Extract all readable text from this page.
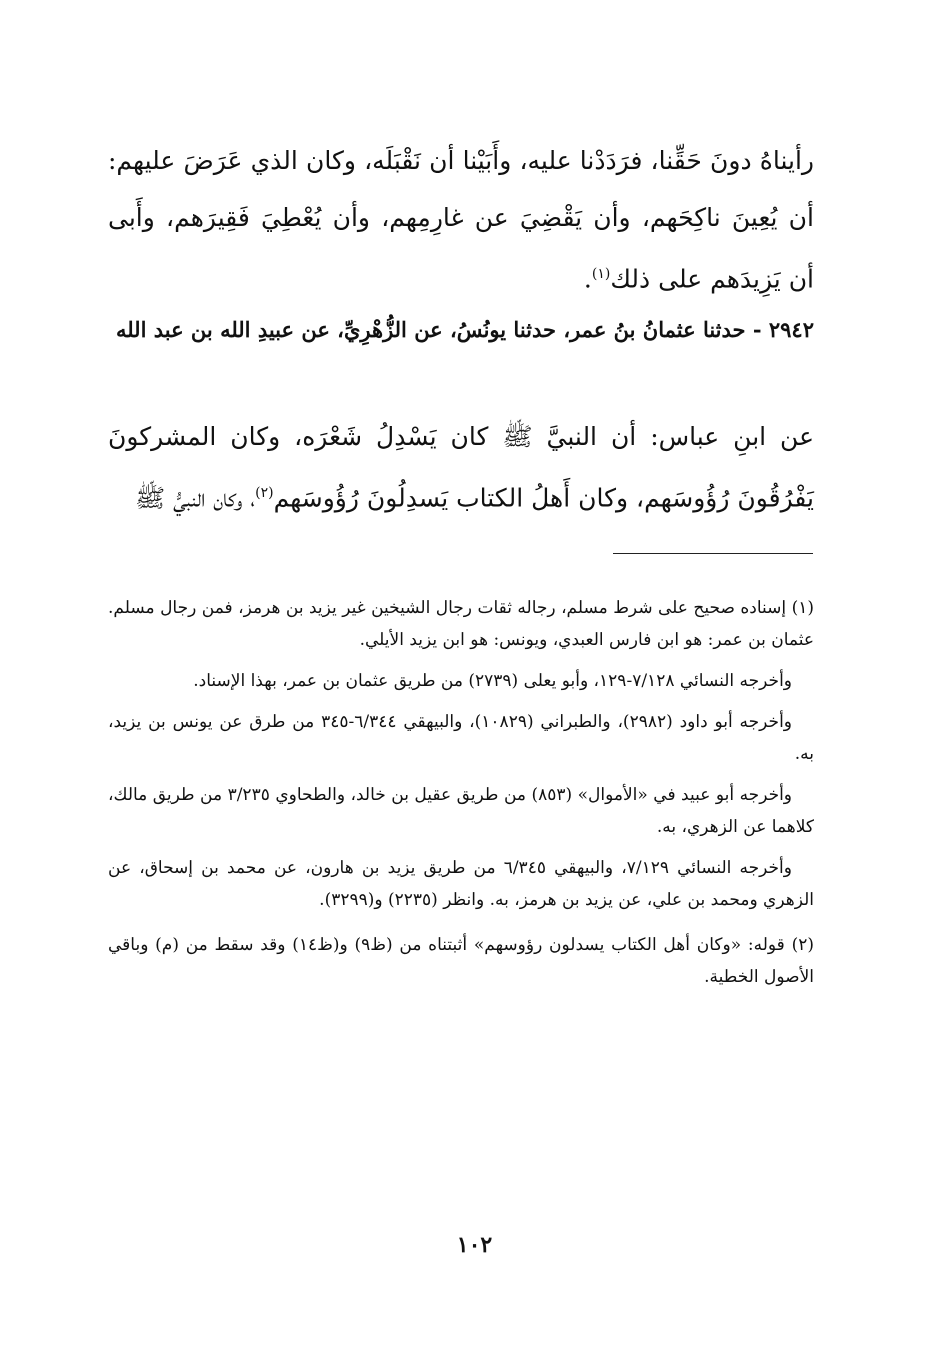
رأيناهُ دونَ حَقِّنا، فرَدَدْنا عليه، وأَبَيْنا أن نَقْبَلَه، وكان الذي عَرَضَ عليهم: أن يُعِينَ ناكِحَهم، وأن يَقْضِيَ عن غارِمِهم، وأن يُعْطِيَ فَقِيرَهم، وأَبى أن يَزِيدَهم على ذلك$^{(١)}$.
٢٩٤٢ - حدثنا عثمانُ بنُ عمر، حدثنا يونُسُ، عن الزُّهْرِيِّ، عن عبيدِ الله بن عبد الله
عن ابنِ عباس: أن النبيَّ ﷺ كان يَسْدِلُ شَعْرَه، وكان المشركونَ يَفْرُقُونَ رُؤُوسَهم، وكان أَهلُ الكتاب يَسدِلُونَ رُؤُوسَهم$^{(٢)}$، وكان النبيُّ ﷺ

(١) إسناده صحيح على شرط مسلم، رجاله ثقات رجال الشيخين غير يزيد بن هرمز، فمن رجال مسلم. عثمان بن عمر: هو ابن فارس العبدي، ويونس: هو ابن يزيد الأيلي.

وأخرجه النسائي ٧/١٢٨-١٢٩، وأبو يعلى (٢٧٣٩) من طريق عثمان بن عمر، بهذا الإسناد.

وأخرجه أبو داود (٢٩٨٢)، والطبراني (١٠٨٢٩)، والبيهقي ٦/٣٤٤-٣٤٥ من طرق عن يونس بن يزيد، به.

وأخرجه أبو عبيد في «الأموال» (٨٥٣) من طريق عقيل بن خالد، والطحاوي ٣/٢٣٥ من طريق مالك، كلاهما عن الزهري، به.

وأخرجه النسائي ٧/١٢٩، والبيهقي ٦/٣٤٥ من طريق يزيد بن هارون، عن محمد بن إسحاق، عن الزهري ومحمد بن علي، عن يزيد بن هرمز، به. وانظر (٢٢٣٥) و(٣٢٩٩).

(٢) قوله: «وكان أهل الكتاب يسدلون رؤوسهم» أثبتناه من (ظ٩) و(ظ١٤) وقد سقط من (م) وباقي الأصول الخطية.

١٠٢
